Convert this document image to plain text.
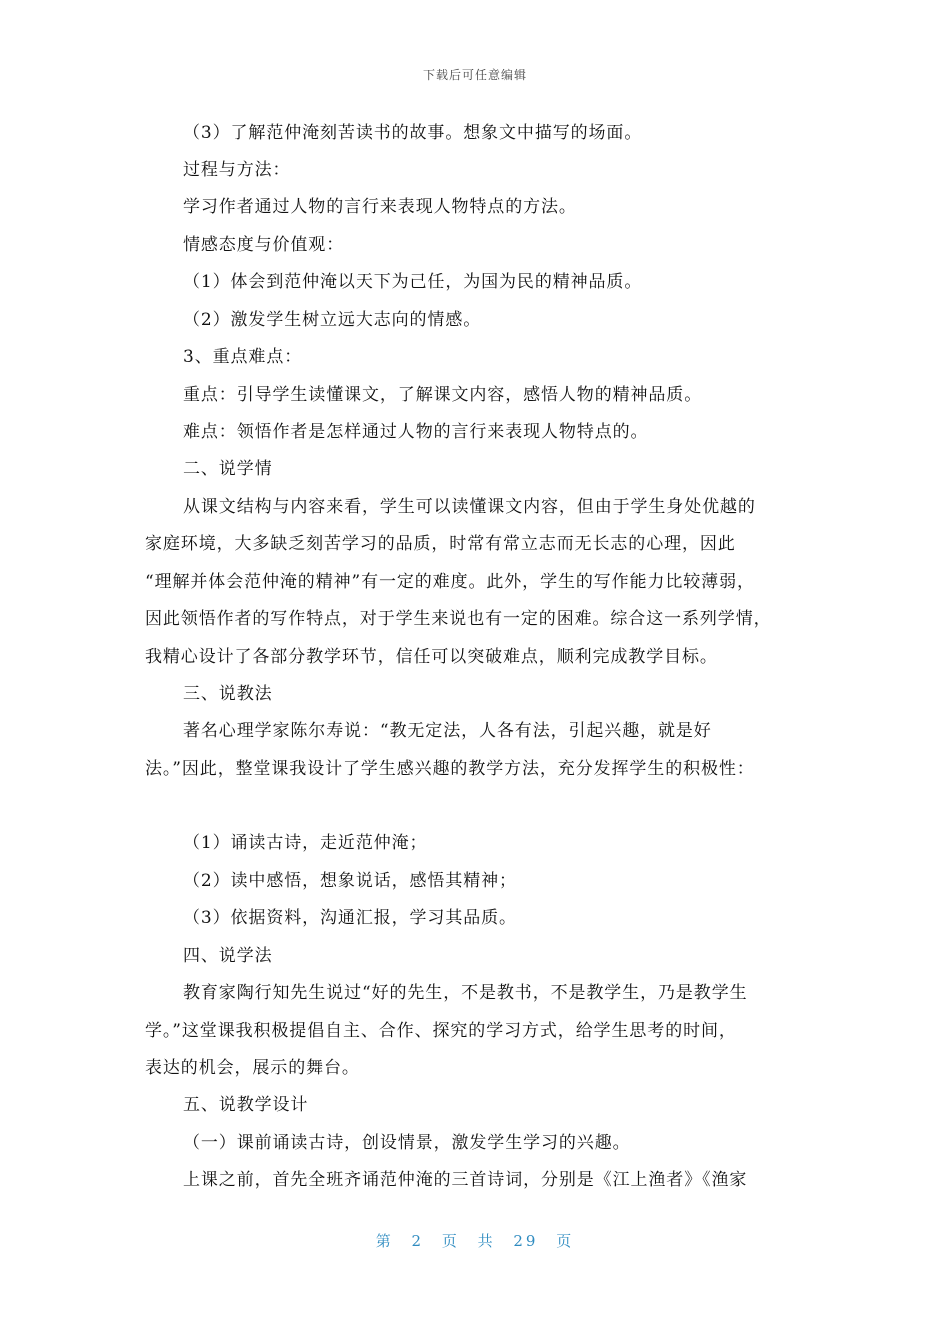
下载后可任意编辑
（3）了解范仲淹刻苦读书的故事。想象文中描写的场面。
过程与方法：
学习作者通过人物的言行来表现人物特点的方法。
情感态度与价值观：
（1）体会到范仲淹以天下为己任，为国为民的精神品质。
（2）激发学生树立远大志向的情感。
3、重点难点：
重点：引导学生读懂课文，了解课文内容，感悟人物的精神品质。
难点：领悟作者是怎样通过人物的言行来表现人物特点的。
二、说学情
从课文结构与内容来看，学生可以读懂课文内容，但由于学生身处优越的
家庭环境，大多缺乏刻苦学习的品质，时常有常立志而无长志的心理，因此
“理解并体会范仲淹的精神”有一定的难度。此外，学生的写作能力比较薄弱，
因此领悟作者的写作特点，对于学生来说也有一定的困难。综合这一系列学情，
我精心设计了各部分教学环节，信任可以突破难点，顺利完成教学目标。
三、说教法
著名心理学家陈尔寿说：“教无定法，人各有法，引起兴趣，就是好
法。”因此，整堂课我设计了学生感兴趣的教学方法，充分发挥学生的积极性：
（1）诵读古诗，走近范仲淹；
（2）读中感悟，想象说话，感悟其精神；
（3）依据资料，沟通汇报，学习其品质。
四、说学法
教育家陶行知先生说过“好的先生，不是教书，不是教学生，乃是教学生
学。”这堂课我积极提倡自主、合作、探究的学习方式，给学生思考的时间，
表达的机会，展示的舞台。
五、说教学设计
（一）课前诵读古诗，创设情景，激发学生学习的兴趣。
上课之前，首先全班齐诵范仲淹的三首诗词，分别是《江上渔者》《渔家
第 2 页 共 29 页
